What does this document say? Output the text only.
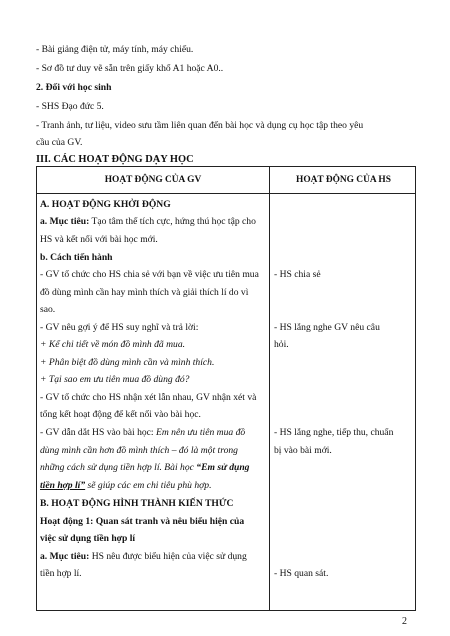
- Bài giảng điện tử, máy tính, máy chiếu.
- Sơ đồ tư duy vẽ sẵn trên giấy khổ A1 hoặc A0..
2. Đối với học sinh
- SHS Đạo đức 5.
- Tranh ảnh, tư liệu, video sưu tầm liên quan đến bài học và dụng cụ học tập theo yêu
cầu của GV.
III. CÁC HOẠT ĐỘNG DẠY HỌC
HOẠT ĐỘNG CỦA GV	HOẠT ĐỘNG CỦA HS
A. HOẠT ĐỘNG KHỞI ĐỘNG
a. Mục tiêu: Tạo tâm thế tích cực, hứng thú học tập cho
HS và kết nối với bài học mới.
b. Cách tiến hành
- GV tổ chức cho HS chia sẻ với bạn về việc ưu tiên mua
đồ dùng mình cần hay mình thích và giải thích lí do vì
sao.
- GV nêu gợi ý để HS suy nghĩ và trả lời:
+ Kể chi tiết về món đồ mình đã mua.
+ Phân biệt đồ dùng mình cần và mình thích.
+ Tại sao em ưu tiên mua đồ dùng đó?
- GV tổ chức cho HS nhận xét lẫn nhau, GV nhận xét và
tổng kết hoạt động để kết nối vào bài học.
- GV dẫn dắt HS vào bài học: Em nên ưu tiên mua đồ
dùng mình cần hơn đồ mình thích – đó là một trong
những cách sử dụng tiền hợp lí. Bài học “Em sử dụng
tiền hợp lí” sẽ giúp các em chi tiêu phù hợp.
B. HOẠT ĐỘNG HÌNH THÀNH KIẾN THỨC
Hoạt động 1: Quan sát tranh và nêu biểu hiện của
việc sử dụng tiền hợp lí
a. Mục tiêu: HS nêu được biểu hiện của việc sử dụng
tiền hợp lí.
- HS chia sẻ
- HS lắng nghe GV nêu câu
hỏi.
- HS lắng nghe, tiếp thu, chuẩn
bị vào bài mới.
- HS quan sát.
2
